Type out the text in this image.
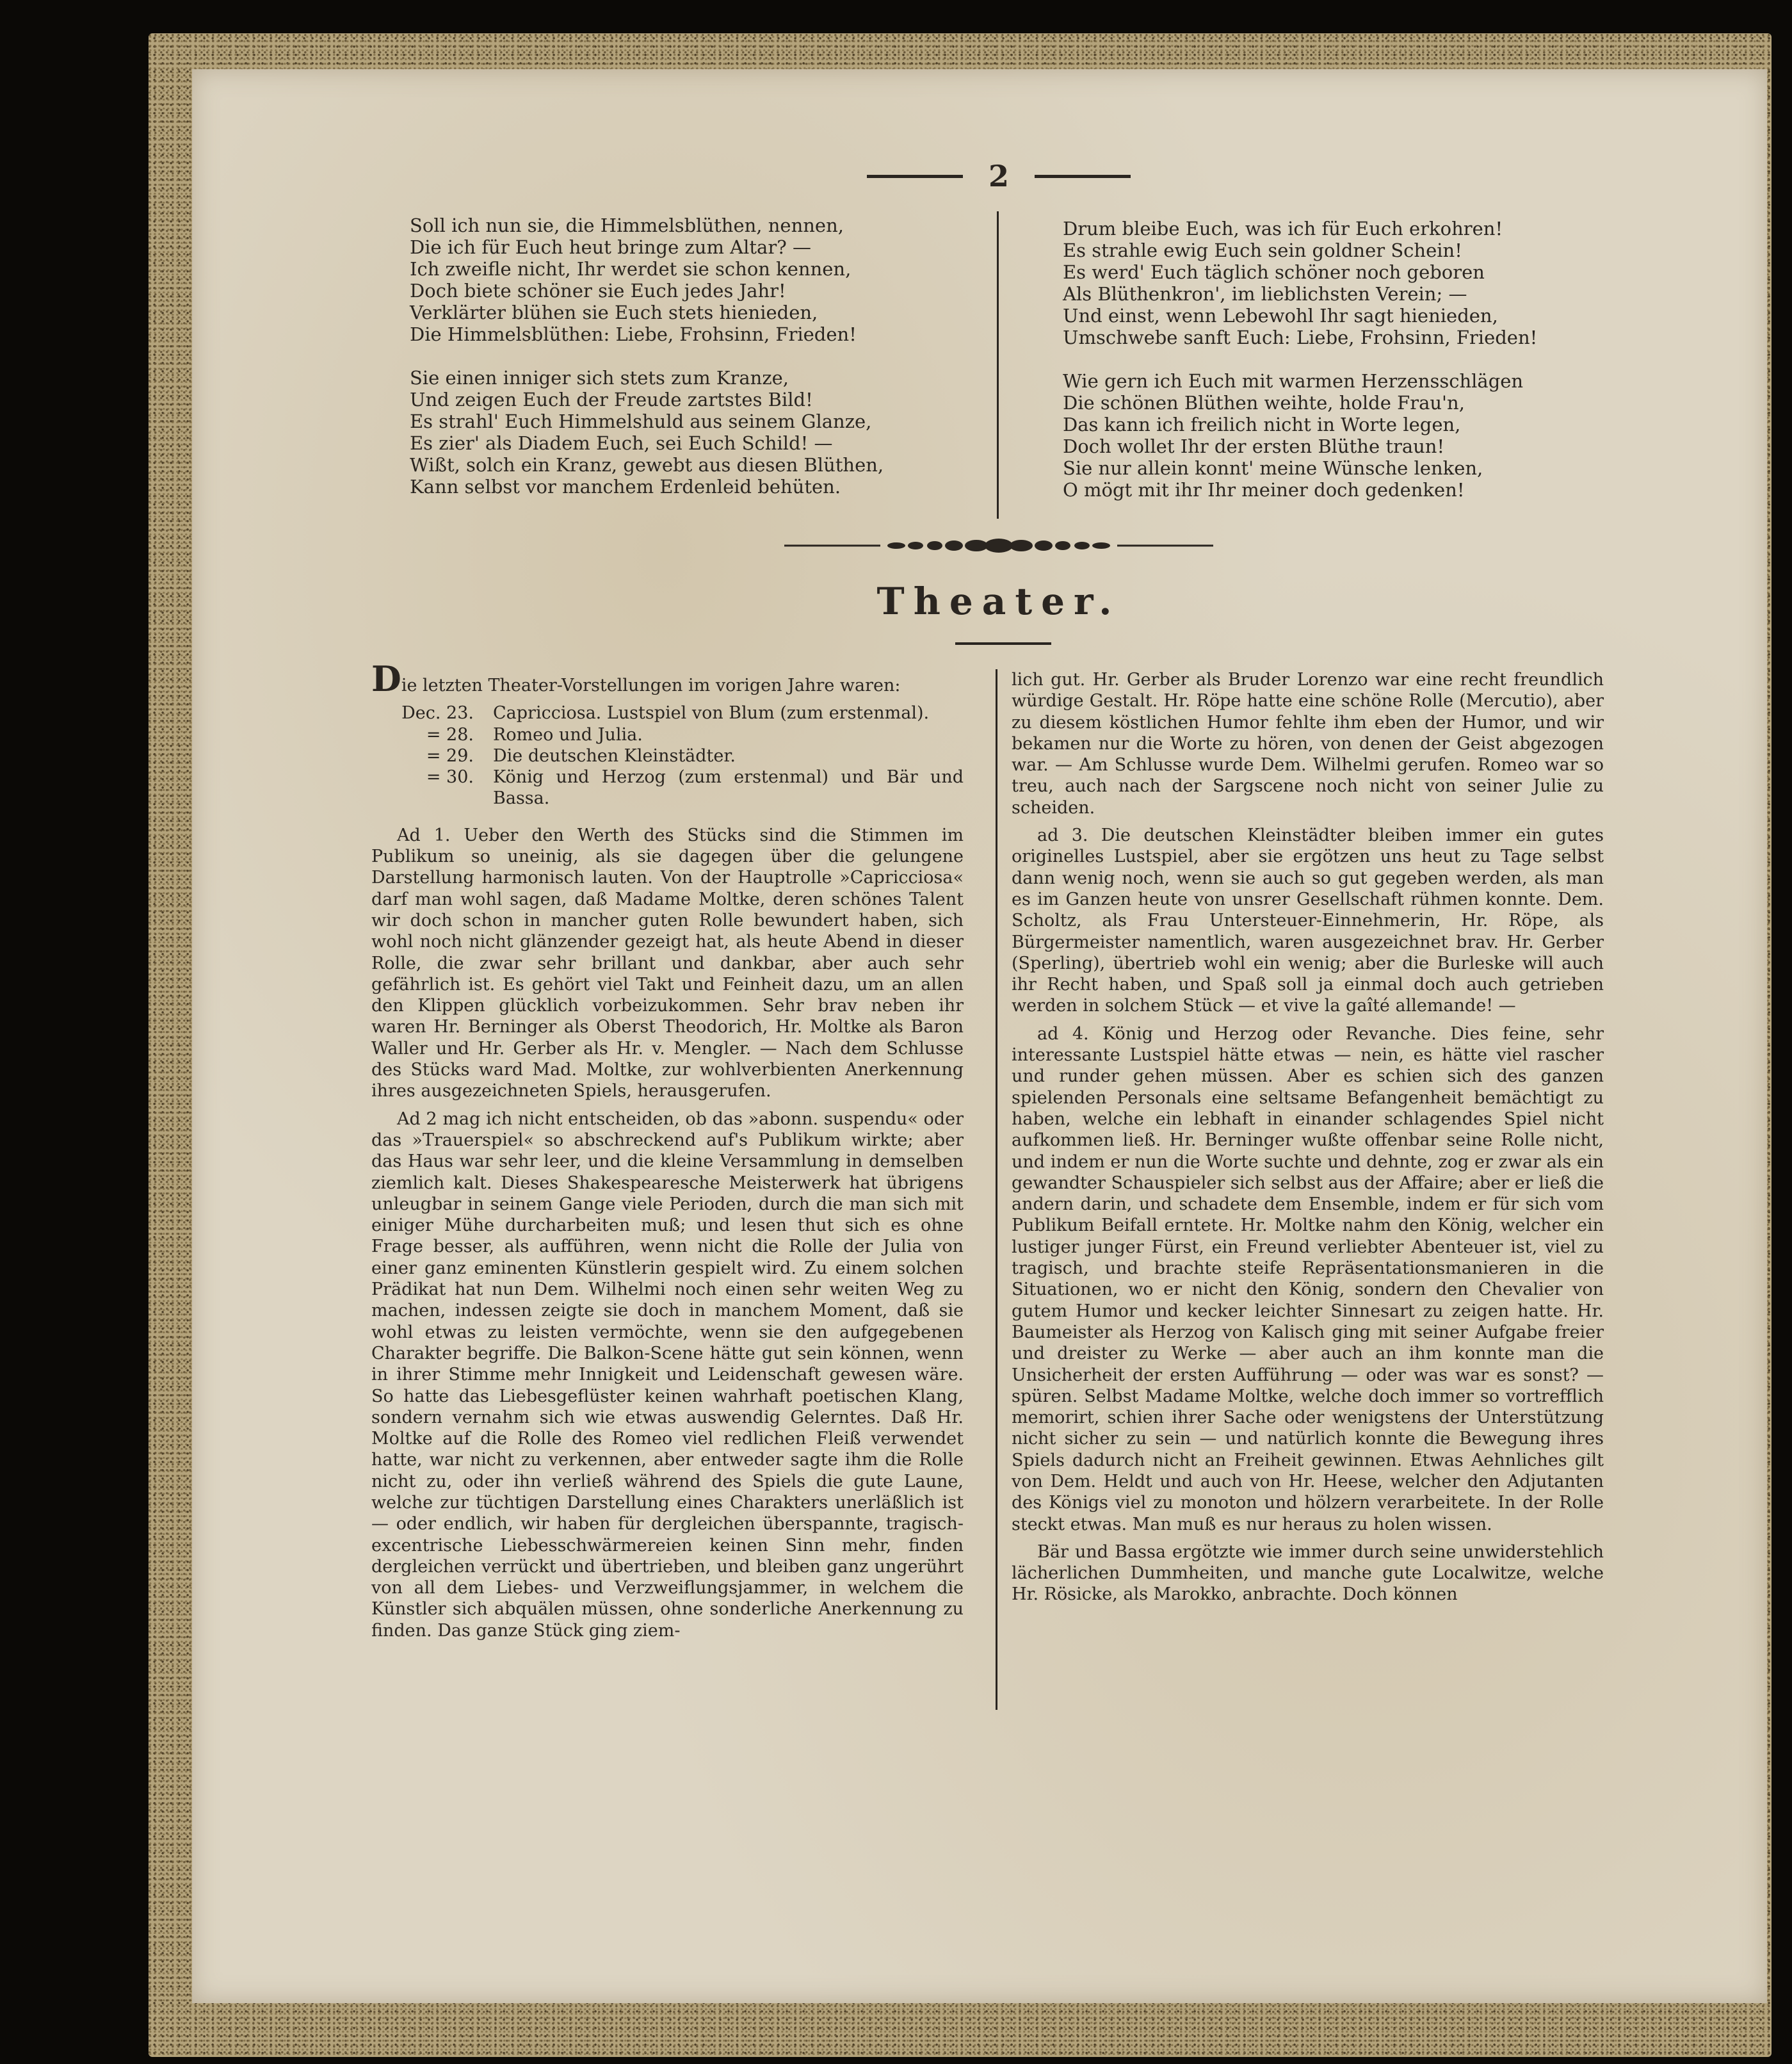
2
Soll ich nun sie, die Himmelsblüthen, nennen,
Die ich für Euch heut bringe zum Altar? —
Ich zweifle nicht, Ihr werdet sie schon kennen,
Doch biete schöner sie Euch jedes Jahr!
Verklärter blühen sie Euch stets hienieden,
Die Himmelsblüthen: Liebe, Frohsinn, Frieden!
Sie einen inniger sich stets zum Kranze,
Und zeigen Euch der Freude zartstes Bild!
Es strahl' Euch Himmelshuld aus seinem Glanze,
Es zier' als Diadem Euch, sei Euch Schild! —
Wißt, solch ein Kranz, gewebt aus diesen Blüthen,
Kann selbst vor manchem Erdenleid behüten.
Drum bleibe Euch, was ich für Euch erkohren!
Es strahle ewig Euch sein goldner Schein!
Es werd' Euch täglich schöner noch geboren
Als Blüthenkron', im lieblichsten Verein; —
Und einst, wenn Lebewohl Ihr sagt hienieden,
Umschwebe sanft Euch: Liebe, Frohsinn, Frieden!
Wie gern ich Euch mit warmen Herzensschlägen
Die schönen Blüthen weihte, holde Frau'n,
Das kann ich freilich nicht in Worte legen,
Doch wollet Ihr der ersten Blüthe traun!
Sie nur allein konnt' meine Wünsche lenken,
O mögt mit ihr Ihr meiner doch gedenken!
Theater.

Die letzten Theater-Vorstellungen im vorigen Jahre waren:

Dec. 23.	Capricciosa. Lustspiel von Blum (zum erstenmal).
= 28.	Romeo und Julia.
= 29.	Die deutschen Kleinstädter.
= 30.	König und Herzog (zum erstenmal) und Bär und Bassa.

Ad 1. Ueber den Werth des Stücks sind die Stimmen im Publikum so uneinig, als sie dagegen über die gelungene Darstellung harmonisch lauten. Von der Hauptrolle »Capricciosa« darf man wohl sagen, daß Madame Moltke, deren schönes Talent wir doch schon in mancher guten Rolle bewundert haben, sich wohl noch nicht glänzender gezeigt hat, als heute Abend in dieser Rolle, die zwar sehr brillant und dankbar, aber auch sehr gefährlich ist. Es gehört viel Takt und Feinheit dazu, um an allen den Klippen glücklich vorbeizukommen. Sehr brav neben ihr waren Hr. Berninger als Oberst Theodorich, Hr. Moltke als Baron Waller und Hr. Gerber als Hr. v. Mengler. — Nach dem Schlusse des Stücks ward Mad. Moltke, zur wohlverbienten Anerkennung ihres ausgezeichneten Spiels, herausgerufen.

Ad 2 mag ich nicht entscheiden, ob das »abonn. suspendu« oder das »Trauerspiel« so abschreckend auf's Publikum wirkte; aber das Haus war sehr leer, und die kleine Versammlung in demselben ziemlich kalt. Dieses Shakespearesche Meisterwerk hat übrigens unleugbar in seinem Gange viele Perioden, durch die man sich mit einiger Mühe durcharbeiten muß; und lesen thut sich es ohne Frage besser, als aufführen, wenn nicht die Rolle der Julia von einer ganz eminenten Künstlerin gespielt wird. Zu einem solchen Prädikat hat nun Dem. Wilhelmi noch einen sehr weiten Weg zu machen, indessen zeigte sie doch in manchem Moment, daß sie wohl etwas zu leisten vermöchte, wenn sie den aufgegebenen Charakter begriffe. Die Balkon-Scene hätte gut sein können, wenn in ihrer Stimme mehr Innigkeit und Leidenschaft gewesen wäre. So hatte das Liebesgeflüster keinen wahrhaft poetischen Klang, sondern vernahm sich wie etwas auswendig Gelerntes. Daß Hr. Moltke auf die Rolle des Romeo viel redlichen Fleiß verwendet hatte, war nicht zu verkennen, aber entweder sagte ihm die Rolle nicht zu, oder ihn verließ während des Spiels die gute Laune, welche zur tüchtigen Darstellung eines Charakters unerläßlich ist — oder endlich, wir haben für dergleichen überspannte, tragisch-excentrische Liebesschwärmereien keinen Sinn mehr, finden dergleichen verrückt und übertrieben, und bleiben ganz ungerührt von all dem Liebes- und Verzweiflungsjammer, in welchem die Künstler sich abquälen müssen, ohne sonderliche Anerkennung zu finden. Das ganze Stück ging ziem-

lich gut. Hr. Gerber als Bruder Lorenzo war eine recht freundlich würdige Gestalt. Hr. Röpe hatte eine schöne Rolle (Mercutio), aber zu diesem köstlichen Humor fehlte ihm eben der Humor, und wir bekamen nur die Worte zu hören, von denen der Geist abgezogen war. — Am Schlusse wurde Dem. Wilhelmi gerufen. Romeo war so treu, auch nach der Sargscene noch nicht von seiner Julie zu scheiden.

ad 3. Die deutschen Kleinstädter bleiben immer ein gutes originelles Lustspiel, aber sie ergötzen uns heut zu Tage selbst dann wenig noch, wenn sie auch so gut gegeben werden, als man es im Ganzen heute von unsrer Gesellschaft rühmen konnte. Dem. Scholtz, als Frau Untersteuer-Einnehmerin, Hr. Röpe, als Bürgermeister namentlich, waren ausgezeichnet brav. Hr. Gerber (Sperling), übertrieb wohl ein wenig; aber die Burleske will auch ihr Recht haben, und Spaß soll ja einmal doch auch getrieben werden in solchem Stück — et vive la gaîté allemande! —

ad 4. König und Herzog oder Revanche. Dies feine, sehr interessante Lustspiel hätte etwas — nein, es hätte viel rascher und runder gehen müssen. Aber es schien sich des ganzen spielenden Personals eine seltsame Befangenheit bemächtigt zu haben, welche ein lebhaft in einander schlagendes Spiel nicht aufkommen ließ. Hr. Berninger wußte offenbar seine Rolle nicht, und indem er nun die Worte suchte und dehnte, zog er zwar als ein gewandter Schauspieler sich selbst aus der Affaire; aber er ließ die andern darin, und schadete dem Ensemble, indem er für sich vom Publikum Beifall erntete. Hr. Moltke nahm den König, welcher ein lustiger junger Fürst, ein Freund verliebter Abenteuer ist, viel zu tragisch, und brachte steife Repräsentationsmanieren in die Situationen, wo er nicht den König, sondern den Chevalier von gutem Humor und kecker leichter Sinnesart zu zeigen hatte. Hr. Baumeister als Herzog von Kalisch ging mit seiner Aufgabe freier und dreister zu Werke — aber auch an ihm konnte man die Unsicherheit der ersten Aufführung — oder was war es sonst? — spüren. Selbst Madame Moltke, welche doch immer so vortrefflich memorirt, schien ihrer Sache oder wenigstens der Unterstützung nicht sicher zu sein — und natürlich konnte die Bewegung ihres Spiels dadurch nicht an Freiheit gewinnen. Etwas Aehnliches gilt von Dem. Heldt und auch von Hr. Heese, welcher den Adjutanten des Königs viel zu monoton und hölzern verarbeitete. In der Rolle steckt etwas. Man muß es nur heraus zu holen wissen.

Bär und Bassa ergötzte wie immer durch seine unwiderstehlich lächerlichen Dummheiten, und manche gute Localwitze, welche Hr. Rösicke, als Marokko, anbrachte. Doch können
